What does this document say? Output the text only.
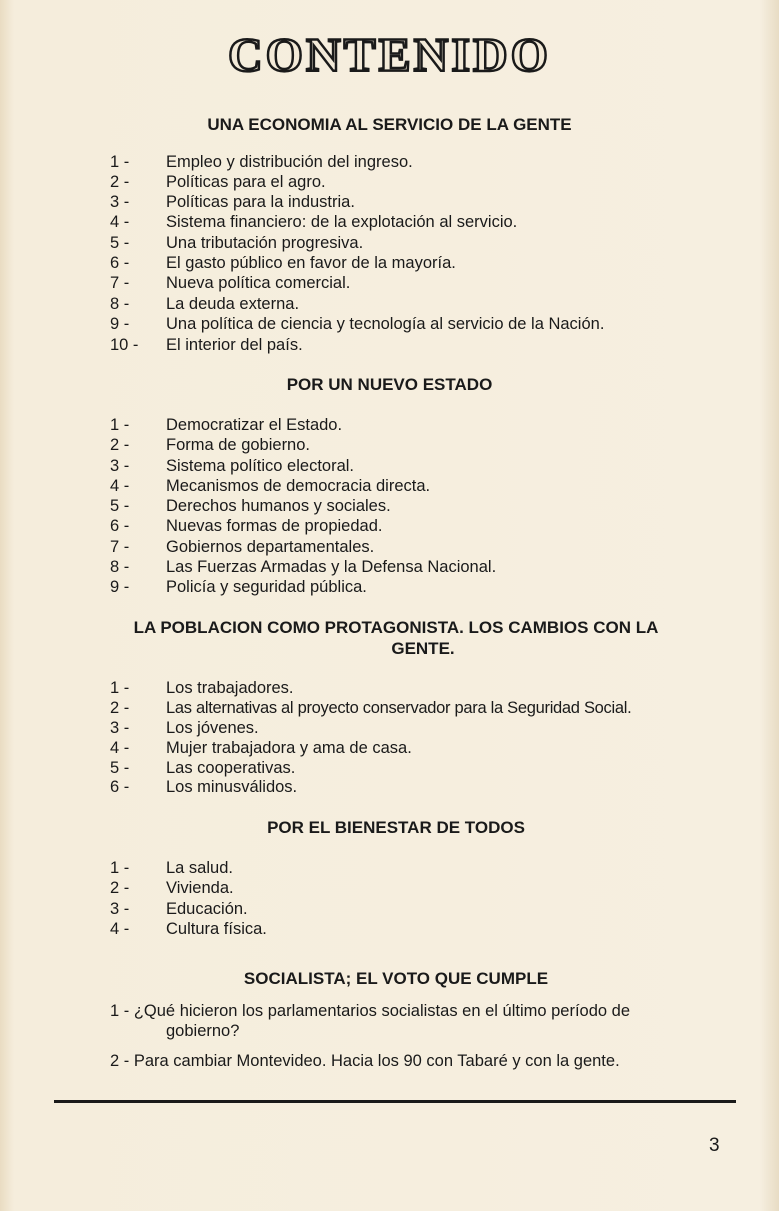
CONTENIDO
UNA ECONOMIA AL SERVICIO DE LA GENTE
1 - Empleo y distribución del ingreso.
2 - Políticas para el agro.
3 - Políticas para la industria.
4 - Sistema financiero: de la explotación al servicio.
5 - Una tributación progresiva.
6 - El gasto público en favor de la mayoría.
7 - Nueva política comercial.
8 - La deuda externa.
9 - Una política de ciencia y tecnología al servicio de la Nación.
10 - El interior del país.
POR UN NUEVO ESTADO
1 - Democratizar el Estado.
2 - Forma de gobierno.
3 - Sistema político electoral.
4 - Mecanismos de democracia directa.
5 - Derechos humanos y sociales.
6 - Nuevas formas de propiedad.
7 - Gobiernos departamentales.
8 - Las Fuerzas Armadas y la Defensa Nacional.
9 - Policía y seguridad pública.
LA POBLACION COMO PROTAGONISTA. LOS CAMBIOS CON LA
GENTE.
1 - Los trabajadores.
2 - Las alternativas al proyecto conservador para la Seguridad Social.
3 - Los jóvenes.
4 - Mujer trabajadora y ama de casa.
5 - Las cooperativas.
6 - Los minusválidos.
POR EL BIENESTAR DE TODOS
1 - La salud.
2 - Vivienda.
3 - Educación.
4 - Cultura física.
SOCIALISTA; EL VOTO QUE CUMPLE
1 - ¿Qué hicieron los parlamentarios socialistas en el último período de
gobierno?
2 - Para cambiar Montevideo. Hacia los 90 con Tabaré y con la gente.
3
